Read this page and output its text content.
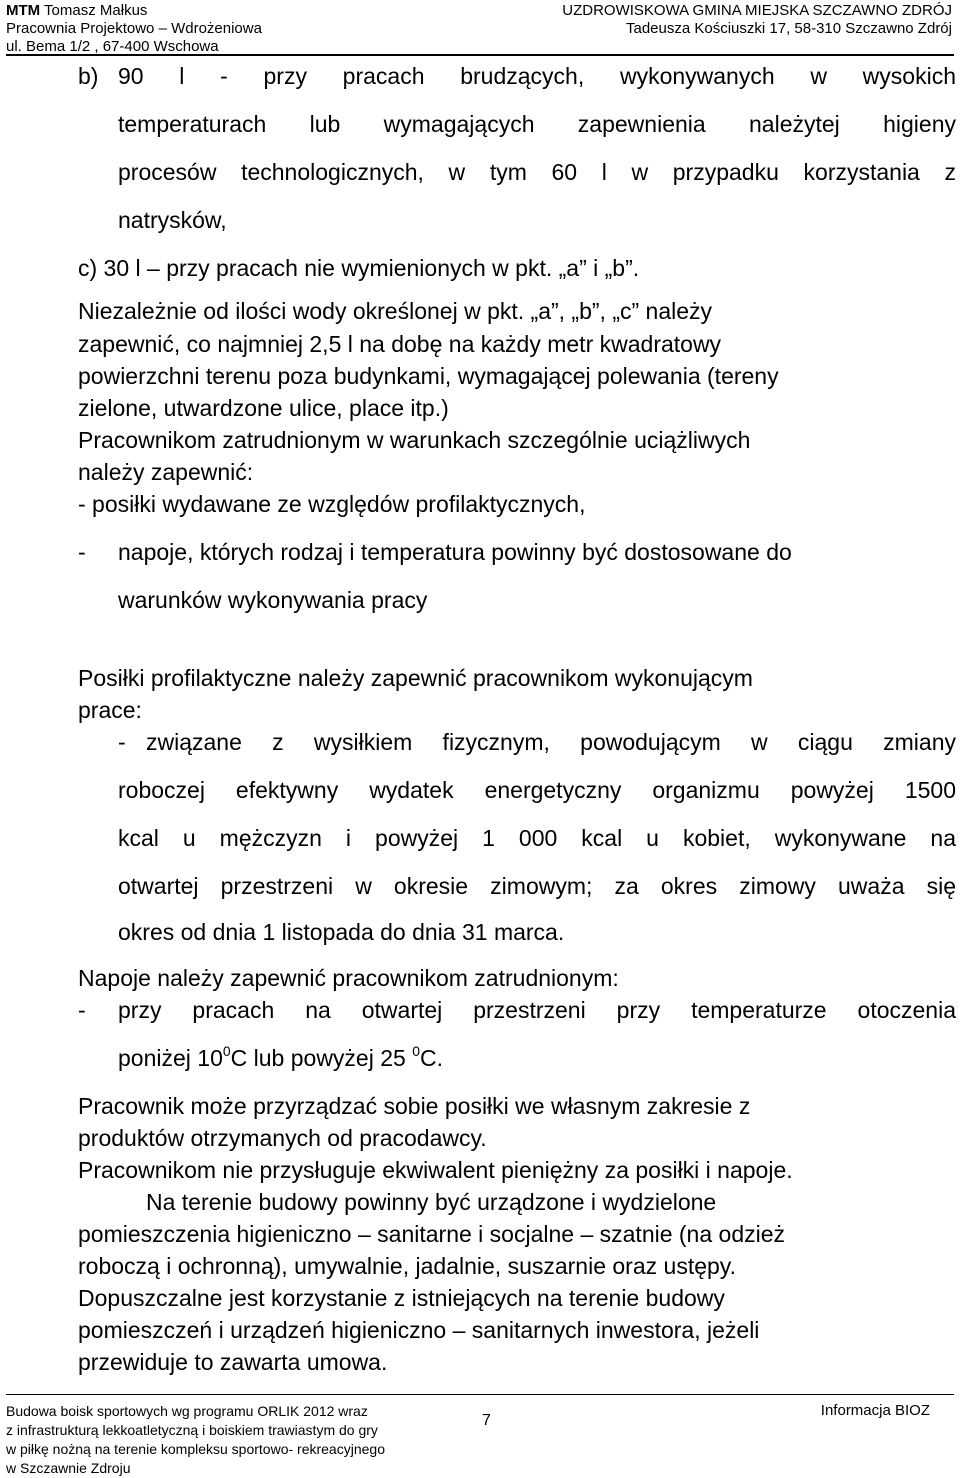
MTM Tomasz Małkus
Pracownia Projektowo – Wdrożeniowa
ul. Bema 1/2 , 67-400 Wschowa
UZDROWISKOWA GMINA MIEJSKA SZCZAWNO ZDRÓJ
Tadeusza Kościuszki 17, 58-310 Szczawno Zdrój
b) 90 l - przy pracach brudzących, wykonywanych w wysokich
temperaturach lub wymagających zapewnienia należytej higieny
procesów technologicznych, w tym 60 l w przypadku korzystania z
natrysków,
c) 30 l – przy pracach nie wymienionych w pkt. „a” i „b”.
Niezależnie od ilości wody określonej w pkt. „a”, „b”, „c” należy
zapewnić, co najmniej 2,5 l na dobę na każdy metr kwadratowy
powierzchni terenu poza budynkami, wymagającej polewania (tereny
zielone, utwardzone ulice, place itp.)
Pracownikom zatrudnionym w warunkach szczególnie uciążliwych
należy zapewnić:
- posiłki wydawane ze względów profilaktycznych,
- napoje, których rodzaj i temperatura powinny być dostosowane do
warunków wykonywania pracy
Posiłki profilaktyczne należy zapewnić pracownikom wykonującym
prace:
- związane z wysiłkiem fizycznym, powodującym w ciągu zmiany
roboczej efektywny wydatek energetyczny organizmu powyżej 1500
kcal u mężczyzn i powyżej 1 000 kcal u kobiet, wykonywane na
otwartej przestrzeni w okresie zimowym; za okres zimowy uważa się
okres od dnia 1 listopada do dnia 31 marca.
Napoje należy zapewnić pracownikom zatrudnionym:
- przy pracach na otwartej przestrzeni przy temperaturze otoczenia
poniżej $10^0C$ lub powyżej 25 $^0$C.
Pracownik może przyrządzać sobie posiłki we własnym zakresie z
produktów otrzymanych od pracodawcy.
Pracownikom nie przysługuje ekwiwalent pieniężny za posiłki i napoje.
Na terenie budowy powinny być urządzone i wydzielone
pomieszczenia higieniczno – sanitarne i socjalne – szatnie (na odzież
roboczą i ochronną), umywalnie, jadalnie, suszarnie oraz ustępy.
Dopuszczalne jest korzystanie z istniejących na terenie budowy
pomieszczeń i urządzeń higieniczno – sanitarnych inwestora, jeżeli
przewiduje to zawarta umowa.
Budowa boisk sportowych wg programu ORLIK 2012 wraz
z infrastrukturą lekkoatletyczną i boiskiem trawiastym do gry
w piłkę nożną na terenie kompleksu sportowo- rekreacyjnego
w Szczawnie Zdroju
7
Informacja BIOZ
